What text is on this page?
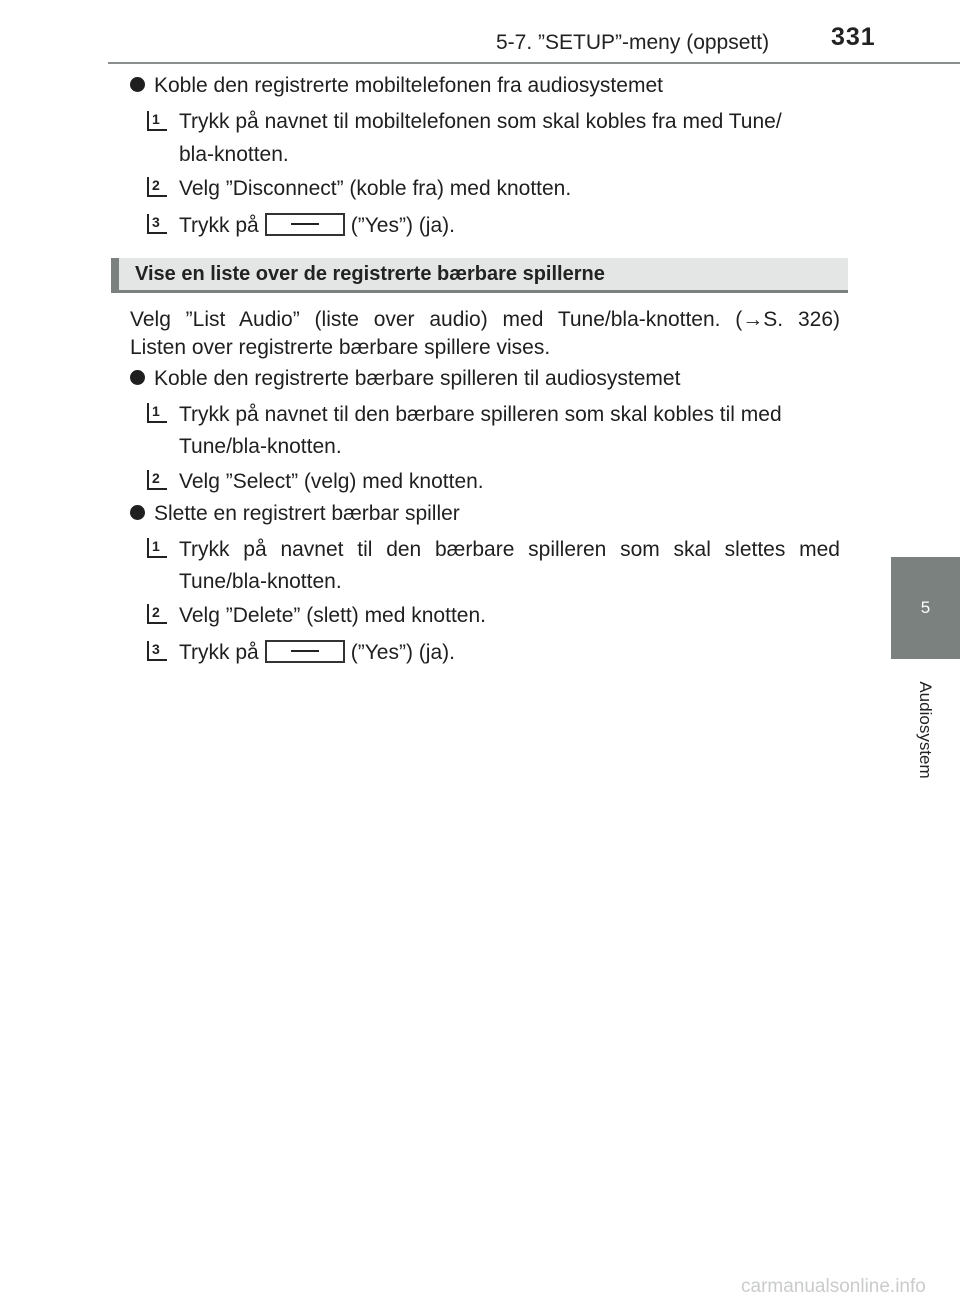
5-7. ”SETUP”-meny (oppsett) 331
5
Audiosystem
Koble den registrerte mobiltelefonen fra audiosystemet
1 Trykk på navnet til mobiltelefonen som skal kobles fra med Tune/
bla-knotten.
2 Velg ”Disconnect” (koble fra) med knotten.
3 Trykk på	(”Yes”) (ja).
Vise en liste over de registrerte bærbare spillerne
Velg ”List Audio” (liste over audio) med Tune/bla-knotten. (→S. 326)
Listen over registrerte bærbare spillere vises.
Koble den registrerte bærbare spilleren til audiosystemet
1 Trykk på navnet til den bærbare spilleren som skal kobles til med
Tune/bla-knotten.
2 Velg ”Select” (velg) med knotten.
Slette en registrert bærbar spiller
1 Trykk på navnet til den bærbare spilleren som skal slettes med
Tune/bla-knotten.
2 Velg ”Delete” (slett) med knotten.
3 Trykk på	(”Yes”) (ja).
carmanualsonline.info
